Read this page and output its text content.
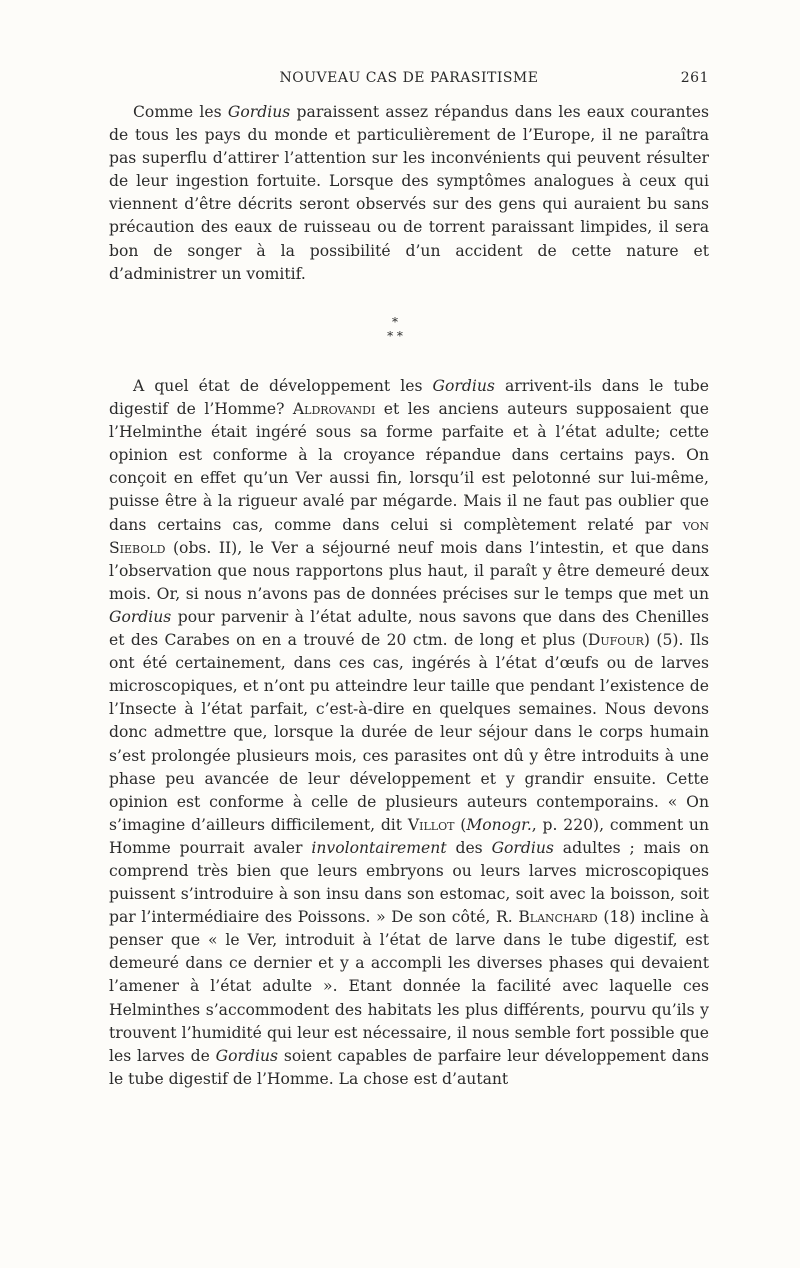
NOUVEAU CAS DE PARASITISME	261

Comme les Gordius paraissent assez répandus dans les eaux courantes de tous les pays du monde et particulièrement de l’Europe, il ne paraîtra pas superflu d’attirer l’attention sur les inconvénients qui peuvent résulter de leur ingestion fortuite. Lorsque des symptômes analogues à ceux qui viennent d’être décrits seront observés sur des gens qui auraient bu sans précaution des eaux de ruisseau ou de torrent paraissant limpides, il sera bon de songer à la possibilité d’un accident de cette nature et d’administrer un vomitif.

*
* *

A quel état de développement les Gordius arrivent-ils dans le tube digestif de l’Homme? Aldrovandi et les anciens auteurs supposaient que l’Helminthe était ingéré sous sa forme parfaite et à l’état adulte; cette opinion est conforme à la croyance répandue dans certains pays. On conçoit en effet qu’un Ver aussi fin, lorsqu’il est pelotonné sur lui-même, puisse être à la rigueur avalé par mégarde. Mais il ne faut pas oublier que dans certains cas, comme dans celui si complètement relaté par von Siebold (obs. II), le Ver a séjourné neuf mois dans l’intestin, et que dans l’observation que nous rapportons plus haut, il paraît y être demeuré deux mois. Or, si nous n’avons pas de données précises sur le temps que met un Gordius pour parvenir à l’état adulte, nous savons que dans des Chenilles et des Carabes on en a trouvé de 20 ctm. de long et plus (Dufour) (5). Ils ont été certainement, dans ces cas, ingérés à l’état d’œufs ou de larves microscopiques, et n’ont pu atteindre leur taille que pendant l’existence de l’Insecte à l’état parfait, c’est-à-dire en quelques semaines. Nous devons donc admettre que, lorsque la durée de leur séjour dans le corps humain s’est prolongée plusieurs mois, ces parasites ont dû y être introduits à une phase peu avancée de leur développement et y grandir ensuite. Cette opinion est conforme à celle de plusieurs auteurs contemporains. « On s’imagine d’ailleurs difficilement, dit Villot (Monogr., p. 220), comment un Homme pourrait avaler involontairement des Gordius adultes ; mais on comprend très bien que leurs embryons ou leurs larves microscopiques puissent s’introduire à son insu dans son estomac, soit avec la boisson, soit par l’intermédiaire des Poissons. » De son côté, R. Blanchard (18) incline à penser que « le Ver, introduit à l’état de larve dans le tube digestif, est demeuré dans ce dernier et y a accompli les diverses phases qui devaient l’amener à l’état adulte ». Etant donnée la facilité avec laquelle ces Helminthes s’accommodent des habitats les plus différents, pourvu qu’ils y trouvent l’humidité qui leur est nécessaire, il nous semble fort possible que les larves de Gordius soient capables de parfaire leur développement dans le tube digestif de l’Homme. La chose est d’autant
